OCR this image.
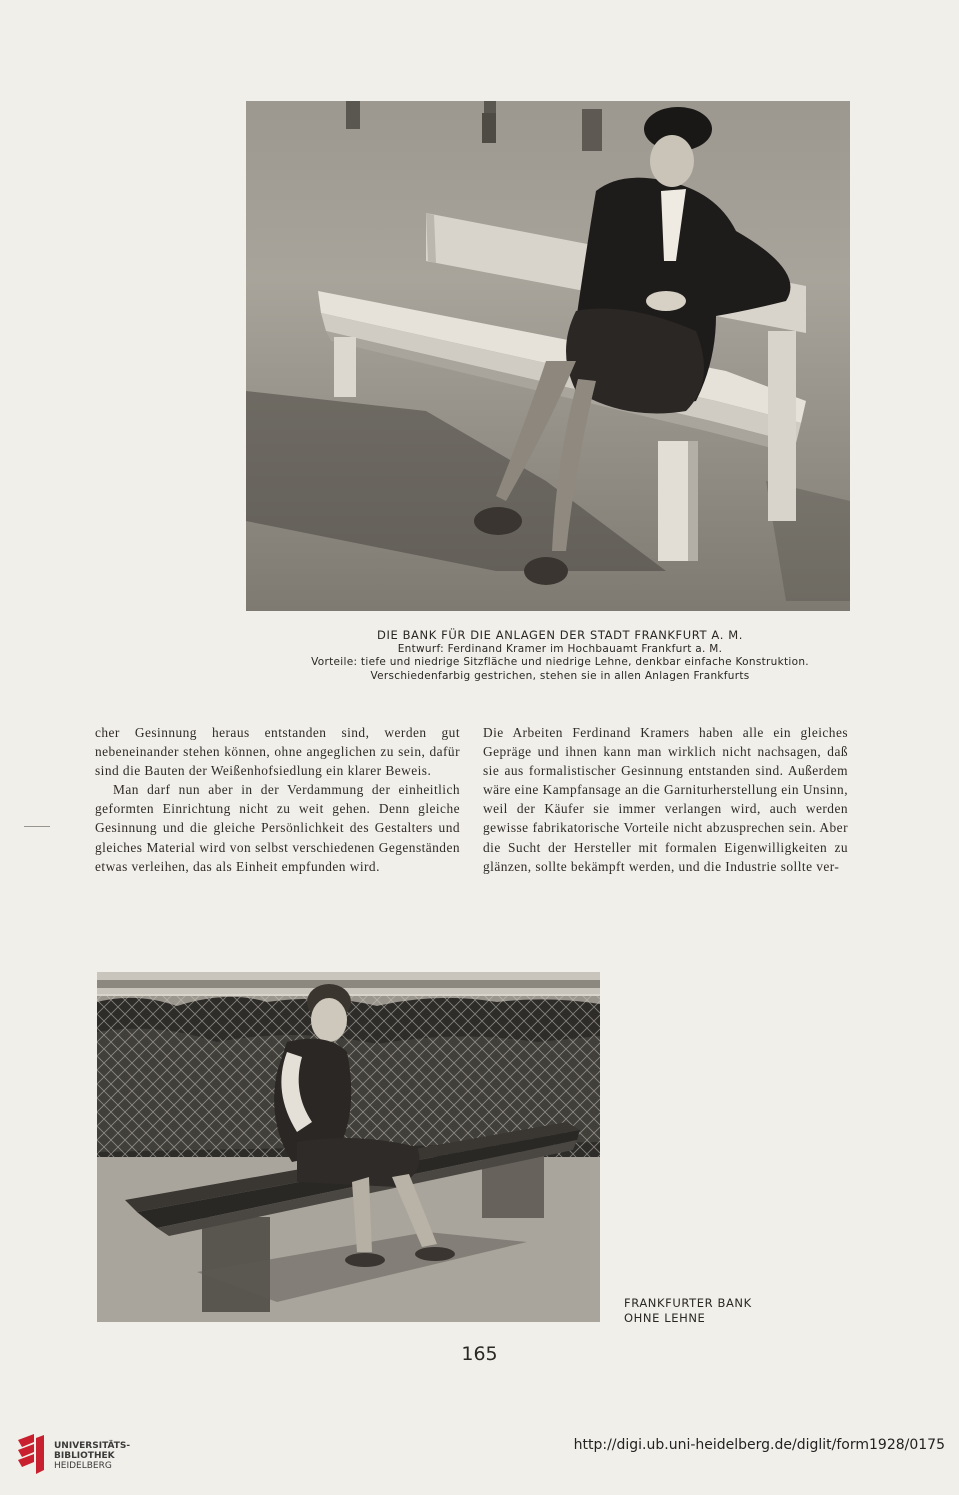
DIE BANK FÜR DIE ANLAGEN DER STADT FRANKFURT A. M.
Entwurf: Ferdinand Kramer im Hochbauamt Frankfurt a. M.
Vorteile: tiefe und niedrige Sitzfläche und niedrige Lehne, denkbar einfache Konstruktion.
Verschiedenfarbig gestrichen, stehen sie in allen Anlagen Frankfurts

cher Gesinnung heraus entstanden sind, werden gut nebeneinander stehen können, ohne angeglichen zu sein, dafür sind die Bauten der Weißenhofsiedlung ein klarer Beweis.

Man darf nun aber in der Verdammung der einheitlich geformten Einrichtung nicht zu weit gehen. Denn gleiche Gesinnung und die gleiche Persönlichkeit des Gestalters und gleiches Material wird von selbst verschiedenen Gegenständen etwas verleihen, das als Einheit empfunden wird.

Die Arbeiten Ferdinand Kramers haben alle ein gleiches Gepräge und ihnen kann man wirklich nicht nachsagen, daß sie aus formalistischer Gesinnung entstanden sind. Außerdem wäre eine Kampfansage an die Garniturherstellung ein Unsinn, weil der Käufer sie immer verlangen wird, auch werden gewisse fabrikatorische Vorteile nicht abzusprechen sein. Aber die Sucht der Hersteller mit formalen Eigenwilligkeiten zu glänzen, sollte bekämpft werden, und die Industrie sollte ver-

FRANKFURTER BANK
OHNE LEHNE
165
UNIVERSITÄTS-
BIBLIOTHEK
HEIDELBERG
http://digi.ub.uni-heidelberg.de/diglit/form1928/0175
